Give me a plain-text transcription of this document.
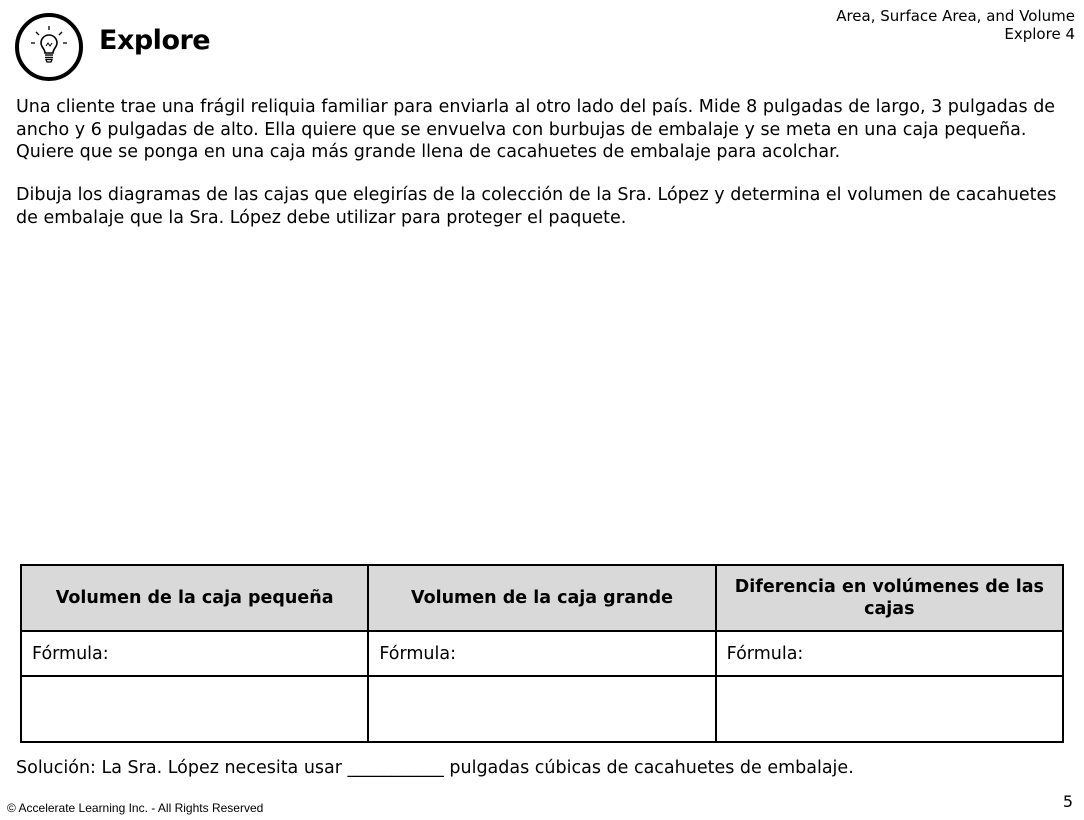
Explore
Area, Surface Area, and Volume
Explore 4

Una cliente trae una frágil reliquia familiar para enviarla al otro lado del país. Mide 8 pulgadas de largo, 3 pulgadas de ancho y 6 pulgadas de alto. Ella quiere que se envuelva con burbujas de embalaje y se meta en una caja pequeña. Quiere que se ponga en una caja más grande llena de cacahuetes de embalaje para acolchar.

Dibuja los diagramas de las cajas que elegirías de la colección de la Sra. López y determina el volumen de cacahuetes de embalaje que la Sra. López debe utilizar para proteger el paquete.

Volumen de la caja pequeña	Volumen de la caja grande	Diferencia en volúmenes de las cajas
Fórmula:	Fórmula:	Fórmula:

Solución: La Sra. López necesita usar ___________ pulgadas cúbicas de cacahuetes de embalaje.
© Accelerate Learning Inc. - All Rights Reserved	5
